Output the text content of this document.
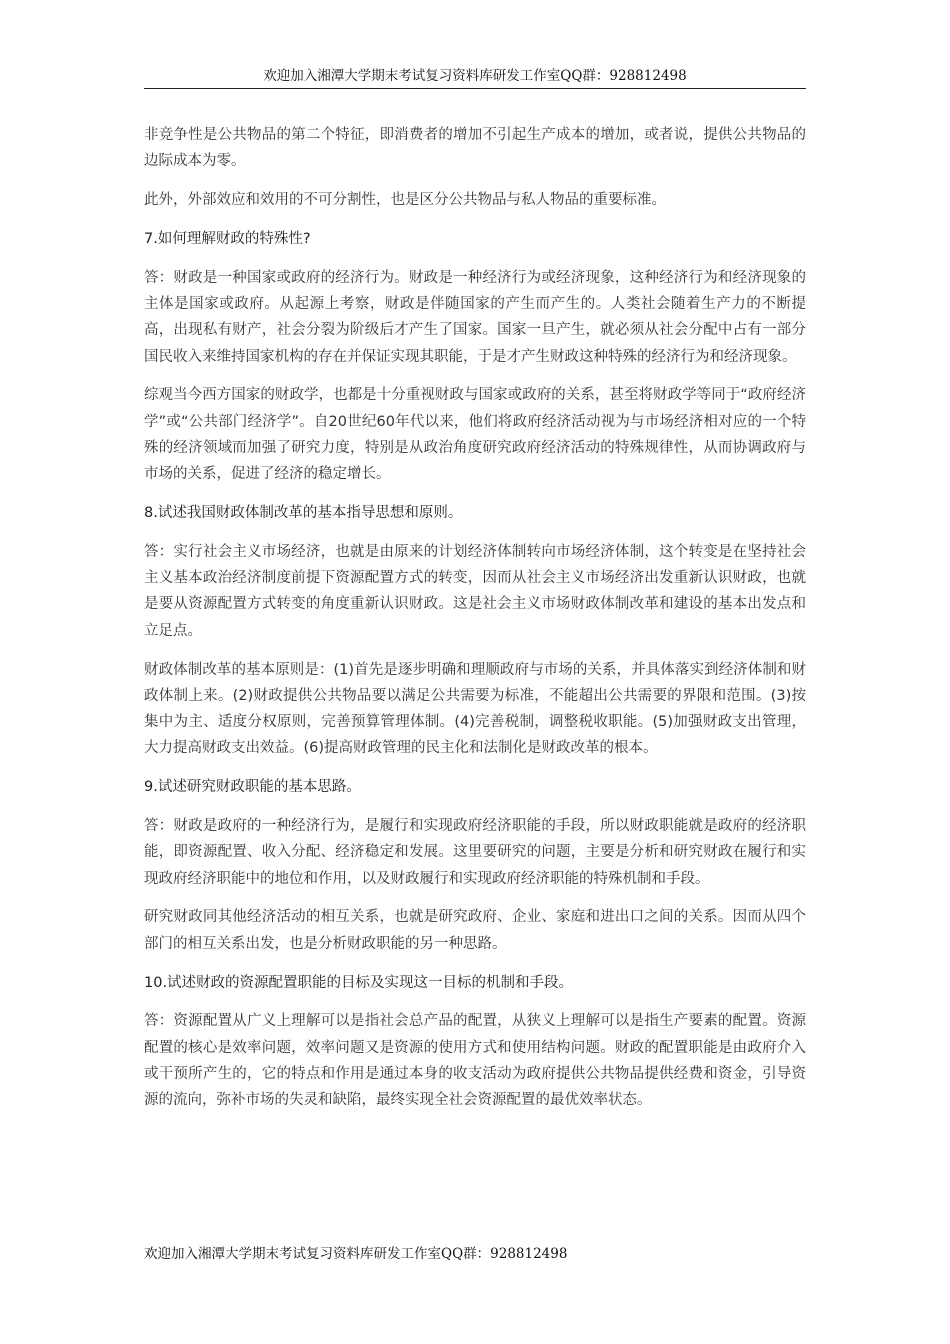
欢迎加入湘潭大学期末考试复习资料库研发工作室QQ群：928812498

非竞争性是公共物品的第二个特征，即消费者的增加不引起生产成本的增加，或者说，提供公共物品的边际成本为零。

此外，外部效应和效用的不可分割性，也是区分公共物品与私人物品的重要标准。

7.如何理解财政的特殊性?

答：财政是一种国家或政府的经济行为。财政是一种经济行为或经济现象，这种经济行为和经济现象的主体是国家或政府。从起源上考察，财政是伴随国家的产生而产生的。人类社会随着生产力的不断提高，出现私有财产，社会分裂为阶级后才产生了国家。国家一旦产生，就必须从社会分配中占有一部分国民收入来维持国家机构的存在并保证实现其职能，于是才产生财政这种特殊的经济行为和经济现象。

综观当今西方国家的财政学，也都是十分重视财政与国家或政府的关系，甚至将财政学等同于“政府经济学”或“公共部门经济学”。自20世纪60年代以来，他们将政府经济活动视为与市场经济相对应的一个特殊的经济领域而加强了研究力度，特别是从政治角度研究政府经济活动的特殊规律性，从而协调政府与市场的关系，促进了经济的稳定增长。

8.试述我国财政体制改革的基本指导思想和原则。

答：实行社会主义市场经济，也就是由原来的计划经济体制转向市场经济体制，这个转变是在坚持社会主义基本政治经济制度前提下资源配置方式的转变，因而从社会主义市场经济出发重新认识财政，也就是要从资源配置方式转变的角度重新认识财政。这是社会主义市场财政体制改革和建设的基本出发点和立足点。

财政体制改革的基本原则是：(1)首先是逐步明确和理顺政府与市场的关系，并具体落实到经济体制和财政体制上来。(2)财政提供公共物品要以满足公共需要为标准，不能超出公共需要的界限和范围。(3)按集中为主、适度分权原则，完善预算管理体制。(4)完善税制，调整税收职能。(5)加强财政支出管理，大力提高财政支出效益。(6)提高财政管理的民主化和法制化是财政改革的根本。

9.试述研究财政职能的基本思路。

答：财政是政府的一种经济行为，是履行和实现政府经济职能的手段，所以财政职能就是政府的经济职能，即资源配置、收入分配、经济稳定和发展。这里要研究的问题，主要是分析和研究财政在履行和实现政府经济职能中的地位和作用，以及财政履行和实现政府经济职能的特殊机制和手段。

研究财政同其他经济活动的相互关系，也就是研究政府、企业、家庭和进出口之间的关系。因而从四个部门的相互关系出发，也是分析财政职能的另一种思路。

10.试述财政的资源配置职能的目标及实现这一目标的机制和手段。

答：资源配置从广义上理解可以是指社会总产品的配置，从狭义上理解可以是指生产要素的配置。资源配置的核心是效率问题，效率问题又是资源的使用方式和使用结构问题。财政的配置职能是由政府介入或干预所产生的，它的特点和作用是通过本身的收支活动为政府提供公共物品提供经费和资金，引导资源的流向，弥补市场的失灵和缺陷，最终实现全社会资源配置的最优效率状态。

欢迎加入湘潭大学期末考试复习资料库研发工作室QQ群：928812498
